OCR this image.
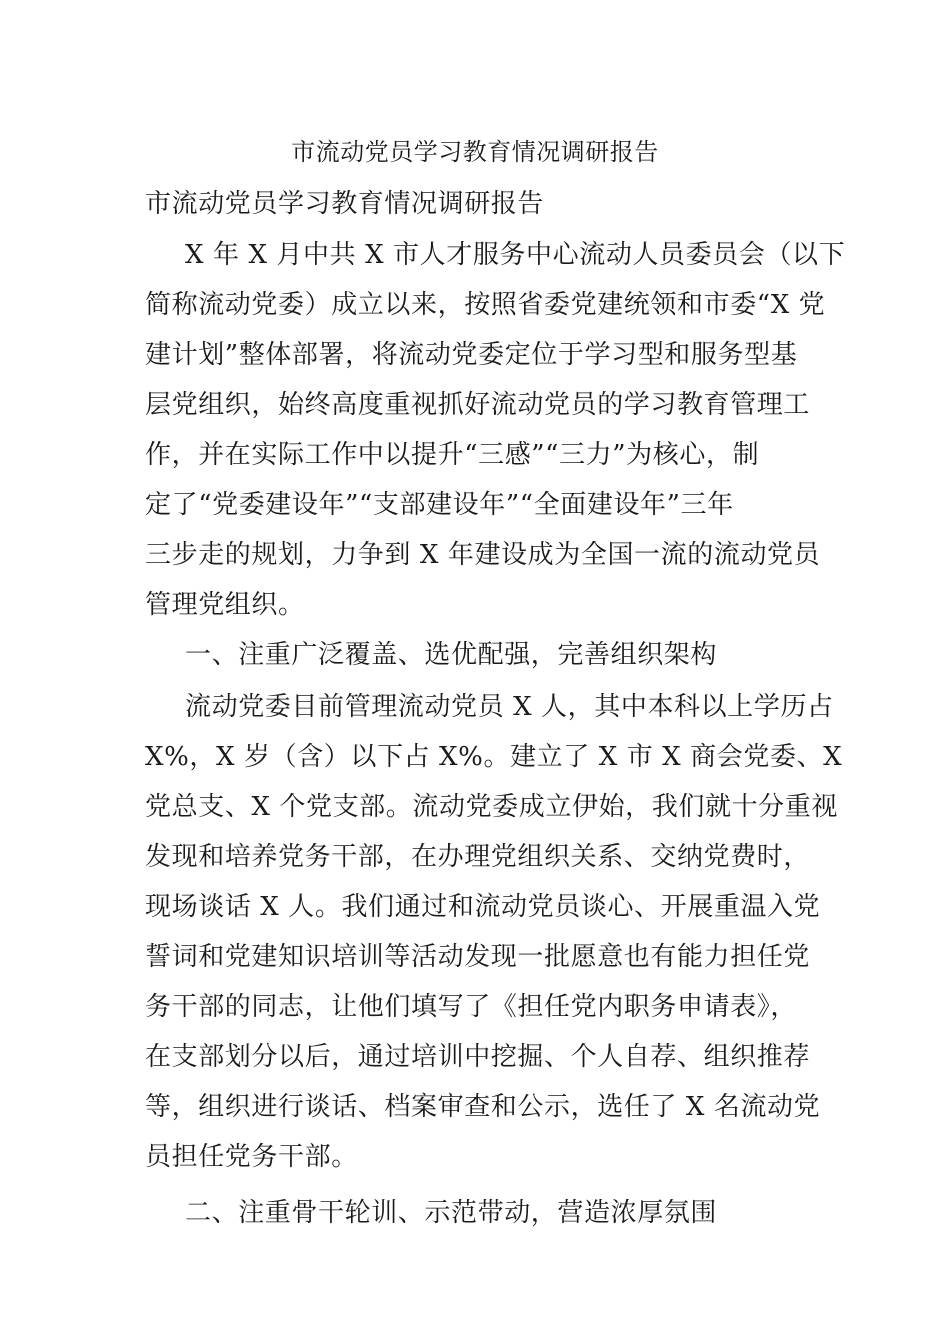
市流动党员学习教育情况调研报告
市流动党员学习教育情况调研报告
X 年 X 月中共 X 市人才服务中心流动人员委员会（以下
简称流动党委）成立以来，按照省委党建统领和市委“X 党
建计划”整体部署，将流动党委定位于学习型和服务型基
层党组织，始终高度重视抓好流动党员的学习教育管理工
作，并在实际工作中以提升“三感”“三力”为核心，制
定了“党委建设年”“支部建设年”“全面建设年”三年
三步走的规划，力争到 X 年建设成为全国一流的流动党员
管理党组织。
一、注重广泛覆盖、选优配强，完善组织架构
流动党委目前管理流动党员 X 人，其中本科以上学历占
X%，X 岁（含）以下占 X%。建立了 X 市 X 商会党委、X
党总支、X 个党支部。流动党委成立伊始，我们就十分重视
发现和培养党务干部，在办理党组织关系、交纳党费时，
现场谈话 X 人。我们通过和流动党员谈心、开展重温入党
誓词和党建知识培训等活动发现一批愿意也有能力担任党
务干部的同志，让他们填写了《担任党内职务申请表》，
在支部划分以后，通过培训中挖掘、个人自荐、组织推荐
等，组织进行谈话、档案审查和公示，选任了 X 名流动党
员担任党务干部。
二、注重骨干轮训、示范带动，营造浓厚氛围
